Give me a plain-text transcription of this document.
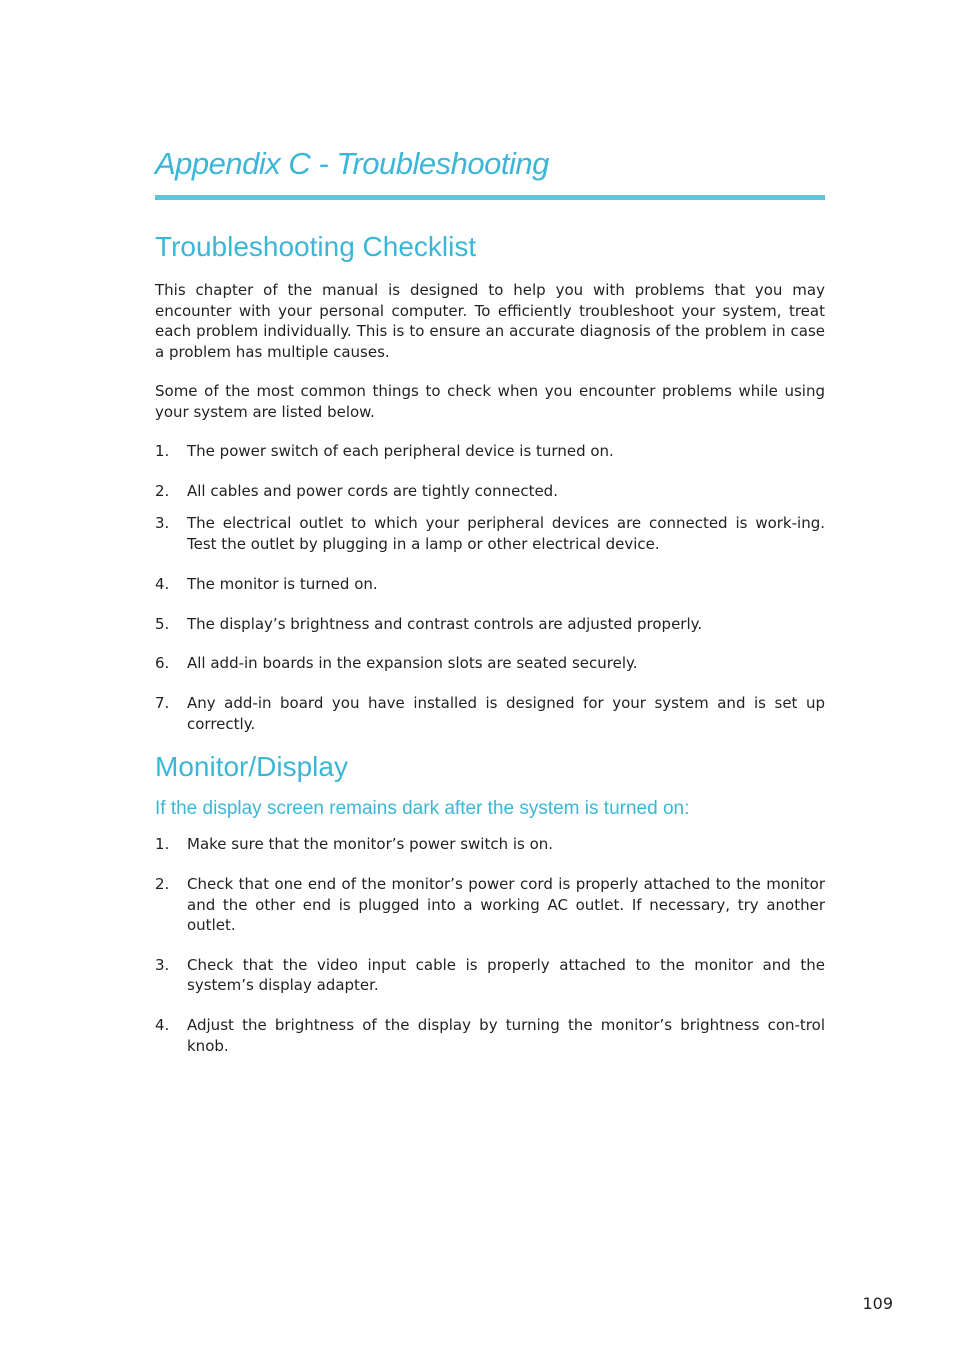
Appendix C - Troubleshooting
Troubleshooting Checklist

This chapter of the manual is designed to help you with problems that you may encounter with your personal computer. To efficiently troubleshoot your system, treat each problem individually. This is to ensure an accurate diagnosis of the problem in case a problem has multiple causes.

Some of the most common things to check when you encounter problems while using your system are listed below.

1. The power switch of each peripheral device is turned on.
2. All cables and power cords are tightly connected.
3. The electrical outlet to which your peripheral devices are connected is work-ing. Test the outlet by plugging in a lamp or other electrical device.
4. The monitor is turned on.
5. The display’s brightness and contrast controls are adjusted properly.
6. All add-in boards in the expansion slots are seated securely.
7. Any add-in board you have installed is designed for your system and is set up correctly.
Monitor/Display
If the display screen remains dark after the system is turned on:
1. Make sure that the monitor’s power switch is on.
2. Check that one end of the monitor’s power cord is properly attached to the monitor and the other end is plugged into a working AC outlet. If necessary, try another outlet.
3. Check that the video input cable is properly attached to the monitor and the system’s display adapter.
4. Adjust the brightness of the display by turning the monitor’s brightness con-trol knob.
109
